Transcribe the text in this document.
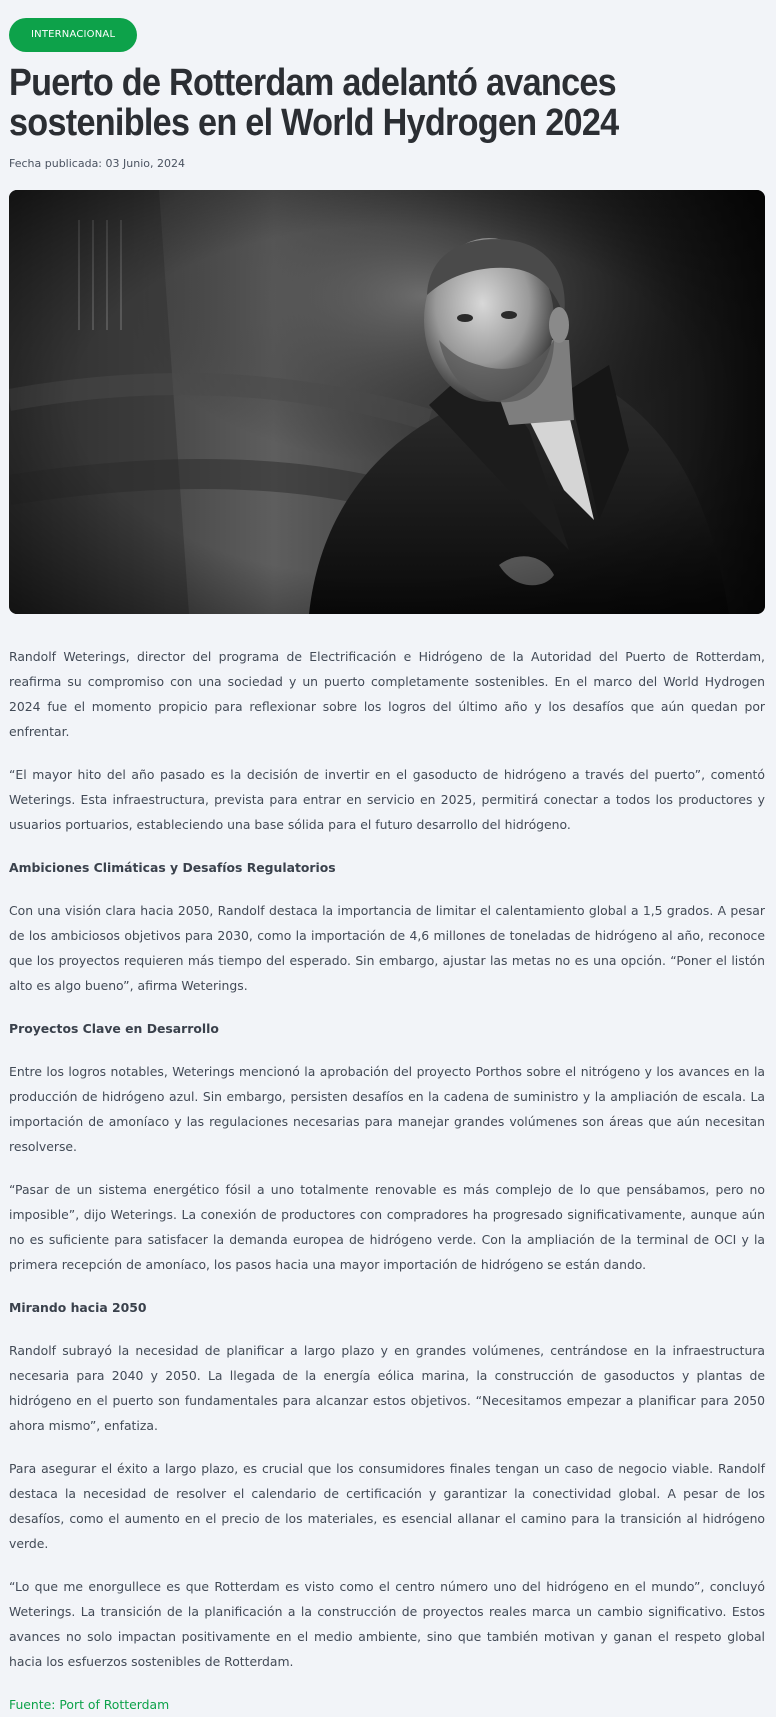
INTERNACIONAL
Puerto de Rotterdam adelantó avances sostenibles en el World Hydrogen 2024
Fecha publicada: 03 Junio, 2024

Randolf Weterings, director del programa de Electrificación e Hidrógeno de la Autoridad del Puerto de Rotterdam, reafirma su compromiso con una sociedad y un puerto completamente sostenibles. En el marco del World Hydrogen 2024 fue el momento propicio para reflexionar sobre los logros del último año y los desafíos que aún quedan por enfrentar.

“El mayor hito del año pasado es la decisión de invertir en el gasoducto de hidrógeno a través del puerto”, comentó Weterings. Esta infraestructura, prevista para entrar en servicio en 2025, permitirá conectar a todos los productores y usuarios portuarios, estableciendo una base sólida para el futuro desarrollo del hidrógeno.

Ambiciones Climáticas y Desafíos Regulatorios

Con una visión clara hacia 2050, Randolf destaca la importancia de limitar el calentamiento global a 1,5 grados. A pesar de los ambiciosos objetivos para 2030, como la importación de 4,6 millones de toneladas de hidrógeno al año, reconoce que los proyectos requieren más tiempo del esperado. Sin embargo, ajustar las metas no es una opción. “Poner el listón alto es algo bueno”, afirma Weterings.

Proyectos Clave en Desarrollo

Entre los logros notables, Weterings mencionó la aprobación del proyecto Porthos sobre el nitrógeno y los avances en la producción de hidrógeno azul. Sin embargo, persisten desafíos en la cadena de suministro y la ampliación de escala. La importación de amoníaco y las regulaciones necesarias para manejar grandes volúmenes son áreas que aún necesitan resolverse.

“Pasar de un sistema energético fósil a uno totalmente renovable es más complejo de lo que pensábamos, pero no imposible”, dijo Weterings. La conexión de productores con compradores ha progresado significativamente, aunque aún no es suficiente para satisfacer la demanda europea de hidrógeno verde. Con la ampliación de la terminal de OCI y la primera recepción de amoníaco, los pasos hacia una mayor importación de hidrógeno se están dando.

Mirando hacia 2050

Randolf subrayó la necesidad de planificar a largo plazo y en grandes volúmenes, centrándose en la infraestructura necesaria para 2040 y 2050. La llegada de la energía eólica marina, la construcción de gasoductos y plantas de hidrógeno en el puerto son fundamentales para alcanzar estos objetivos. “Necesitamos empezar a planificar para 2050 ahora mismo”, enfatiza.

Para asegurar el éxito a largo plazo, es crucial que los consumidores finales tengan un caso de negocio viable. Randolf destaca la necesidad de resolver el calendario de certificación y garantizar la conectividad global. A pesar de los desafíos, como el aumento en el precio de los materiales, es esencial allanar el camino para la transición al hidrógeno verde.

“Lo que me enorgullece es que Rotterdam es visto como el centro número uno del hidrógeno en el mundo”, concluyó Weterings. La transición de la planificación a la construcción de proyectos reales marca un cambio significativo. Estos avances no solo impactan positivamente en el medio ambiente, sino que también motivan y ganan el respeto global hacia los esfuerzos sostenibles de Rotterdam.

Fuente: Port of Rotterdam
